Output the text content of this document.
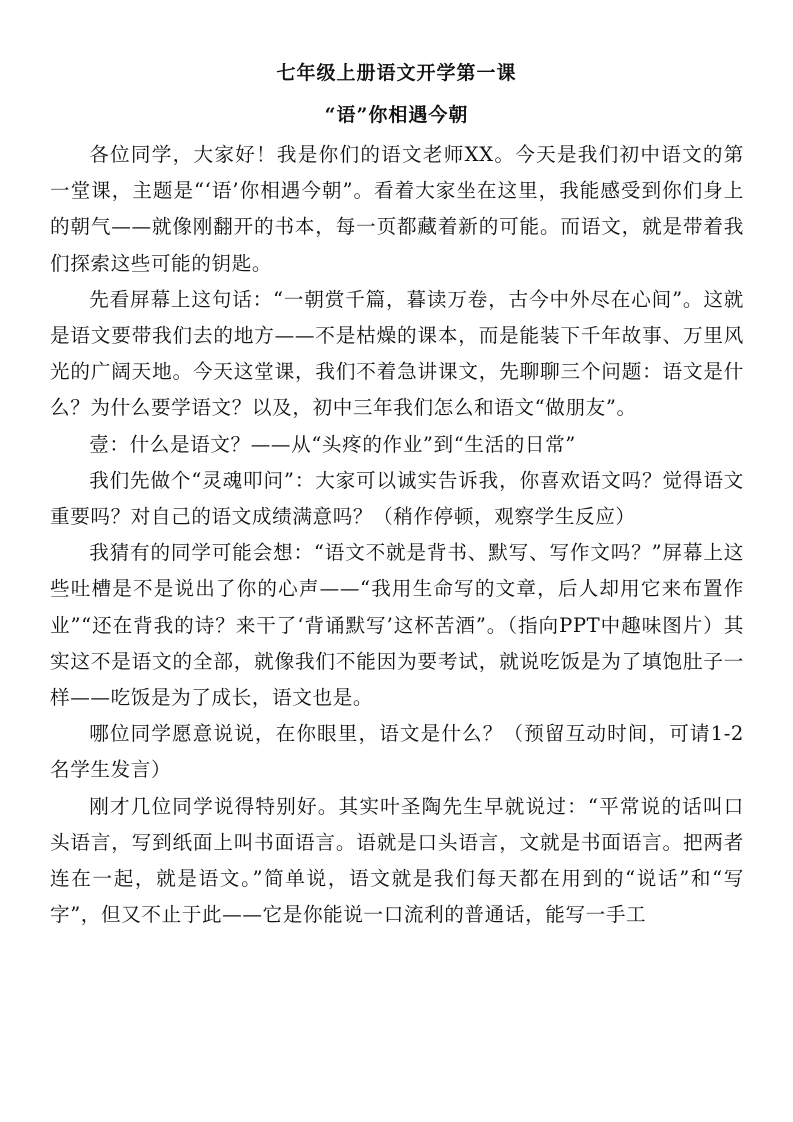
七年级上册语文开学第一课
“语”你相遇今朝

各位同学，大家好！我是你们的语文老师XX。今天是我们初中语文的第一堂课，主题是“‘语’你相遇今朝”。看着大家坐在这里，我能感受到你们身上的朝气——就像刚翻开的书本，每一页都藏着新的可能。而语文，就是带着我们探索这些可能的钥匙。

先看屏幕上这句话：“一朝赏千篇，暮读万卷，古今中外尽在心间”。这就是语文要带我们去的地方——不是枯燥的课本，而是能装下千年故事、万里风光的广阔天地。今天这堂课，我们不着急讲课文，先聊聊三个问题：语文是什么？为什么要学语文？以及，初中三年我们怎么和语文“做朋友”。

壹：什么是语文？——从“头疼的作业”到“生活的日常”

我们先做个“灵魂叩问”：大家可以诚实告诉我，你喜欢语文吗？觉得语文重要吗？对自己的语文成绩满意吗？（稍作停顿，观察学生反应）

我猜有的同学可能会想：“语文不就是背书、默写、写作文吗？”屏幕上这些吐槽是不是说出了你的心声——“我用生命写的文章，后人却用它来布置作业”“还在背我的诗？来干了‘背诵默写’这杯苦酒”。（指向PPT中趣味图片）其实这不是语文的全部，就像我们不能因为要考试，就说吃饭是为了填饱肚子一样——吃饭是为了成长，语文也是。

哪位同学愿意说说，在你眼里，语文是什么？（预留互动时间，可请1-2名学生发言）

刚才几位同学说得特别好。其实叶圣陶先生早就说过：“平常说的话叫口头语言，写到纸面上叫书面语言。语就是口头语言，文就是书面语言。把两者连在一起，就是语文。”简单说，语文就是我们每天都在用到的“说话”和“写字”，但又不止于此——它是你能说一口流利的普通话，能写一手工
